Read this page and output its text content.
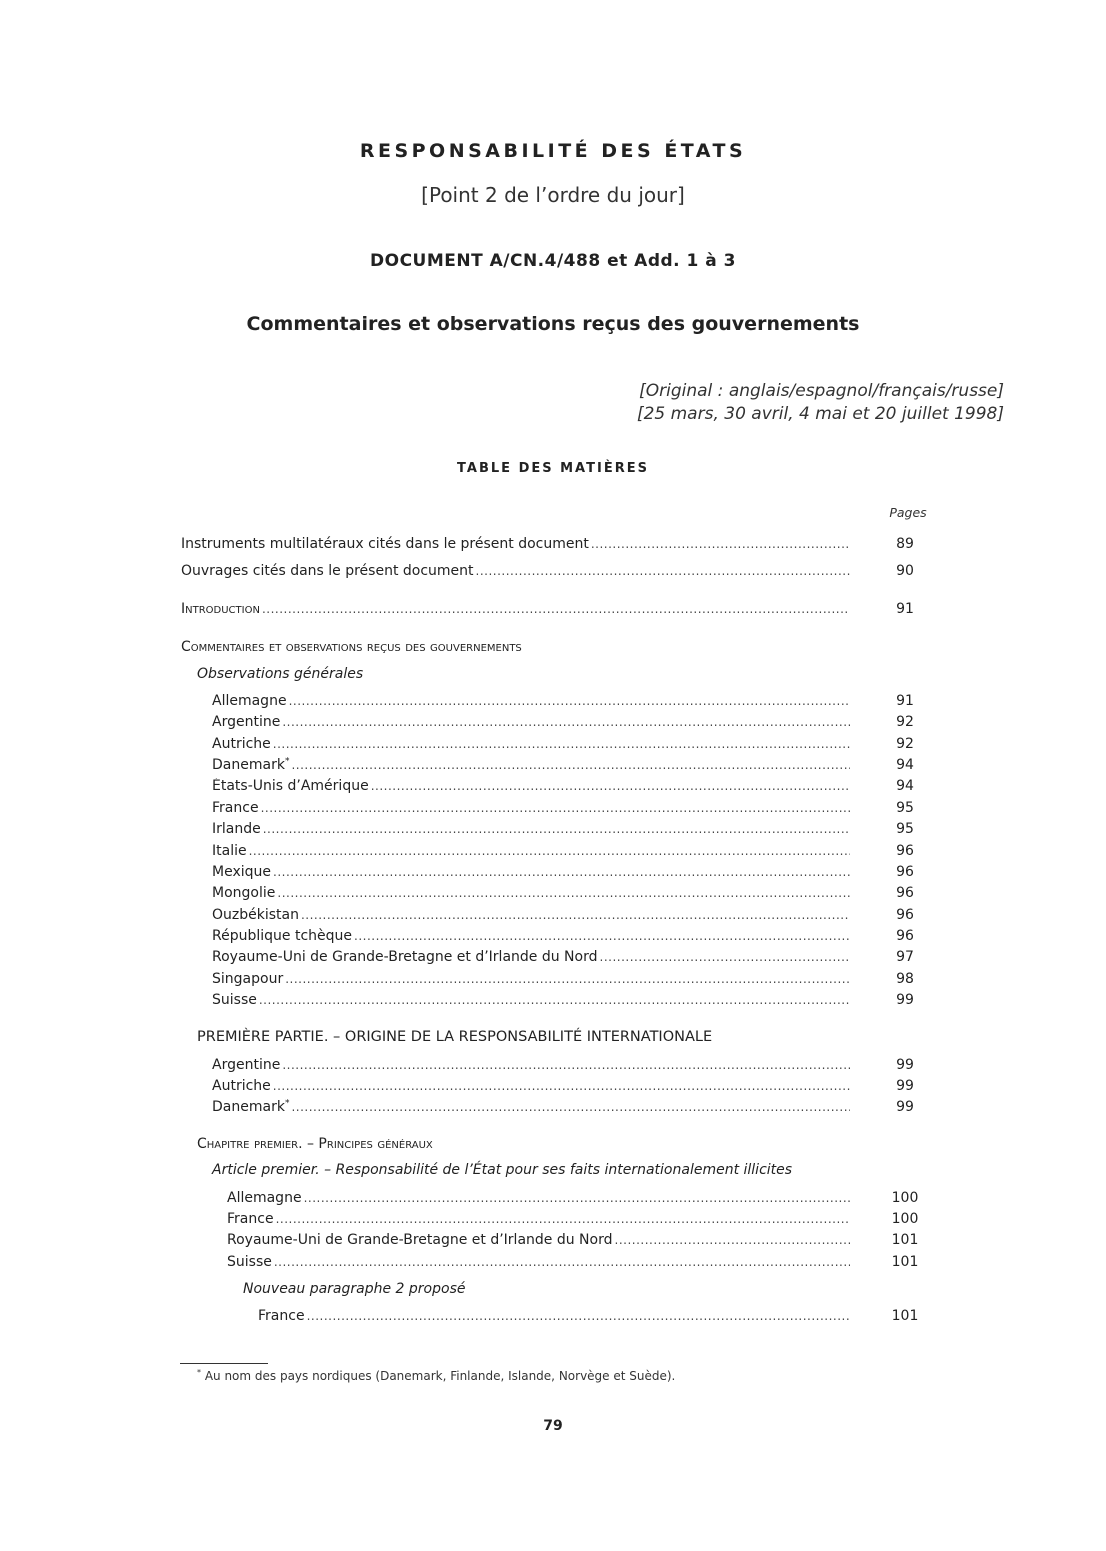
RESPONSABILITÉ DES ÉTATS
[Point 2 de l’ordre du jour]
DOCUMENT A/CN.4/488 et Add. 1 à 3
Commentaires et observations reçus des gouvernements
[Original : anglais/espagnol/français/russe]
[25 mars, 30 avril, 4 mai et 20 juillet 1998]
TABLE DES MATIÈRES
Pages
Instruments multilatéraux cités dans le présent document .....	89
Ouvrages cités dans le présent document .....	90
Introduction .....	91
Commentaires et observations reçus des gouvernements
Observations générales
Allemagne .....	91
Argentine .....	92
Autriche .....	92
Danemark* .....	94
États-Unis d’Amérique .....	94
France .....	95
Irlande .....	95
Italie .....	96
Mexique .....	96
Mongolie .....	96
Ouzbékistan .....	96
République tchèque .....	96
Royaume-Uni de Grande-Bretagne et d’Irlande du Nord .....	97
Singapour .....	98
Suisse .....	99
PREMIÈRE PARTIE. – ORIGINE DE LA RESPONSABILITÉ INTERNATIONALE
Argentine .....	99
Autriche .....	99
Danemark* .....	99
Chapitre premier. – Principes généraux
Article premier. – Responsabilité de l’État pour ses faits internationalement illicites
Allemagne .....	100
France .....	100
Royaume-Uni de Grande-Bretagne et d’Irlande du Nord .....	101
Suisse .....	101
Nouveau paragraphe 2 proposé
France .....	101
* Au nom des pays nordiques (Danemark, Finlande, Islande, Norvège et Suède).
79
